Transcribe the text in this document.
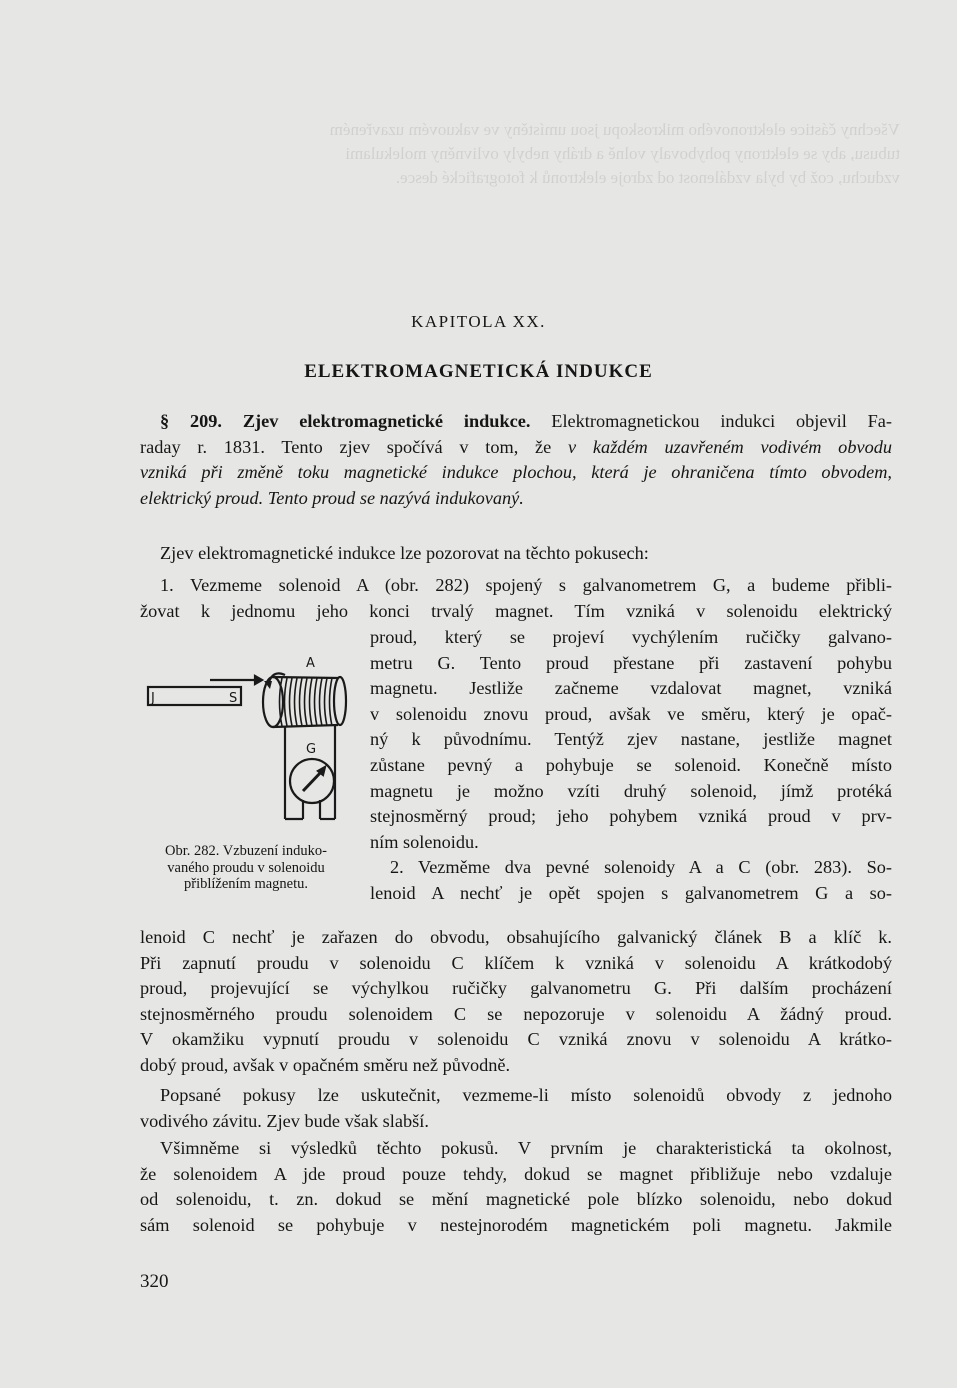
Všechny částice elektronového mikroskopu jsou umístěny ve vakuovém uzavřeném
tubusu, aby se elektrony pohybovaly volně a dráhy nebyly ovlivněny molekulami
vzduchu, což by byla vzdálenost od zdroje elektronů k fotografické desce.
KAPITOLA XX.
ELEKTROMAGNETICKÁ INDUKCE
§ 209. Zjev elektromagnetické indukce. Elektromagnetickou indukci objevil Fa-
raday r. 1831. Tento zjev spočívá v tom, že v každém uzavřeném vodivém obvodu
vzniká při změně toku magnetické indukce plochou, která je ohraničena tímto obvodem,
elektrický proud. Tento proud se nazývá indukovaný.
Zjev elektromagnetické indukce lze pozorovat na těchto pokusech:
1. Vezmeme solenoid A (obr. 282) spojený s galvanometrem G, a budeme přibli-
žovat k jednomu jeho konci trvalý magnet. Tím vzniká v solenoidu elektrický
proud, který se projeví vychýlením ručičky galvano-
metru G. Tento proud přestane při zastavení pohybu
magnetu. Jestliže začneme vzdalovat magnet, vzniká
v solenoidu znovu proud, avšak ve směru, který je opač-
ný k původnímu. Tentýž zjev nastane, jestliže magnet
zůstane pevný a pohybuje se solenoid. Konečně místo
magnetu je možno vzíti druhý solenoid, jímž protéká
stejnosměrný proud; jeho pohybem vzniká proud v prv-
ním solenoidu.
2. Vezměme dva pevné solenoidy A a C (obr. 283). So-
lenoid A nechť je opět spojen s galvanometrem G a so-
lenoid C nechť je zařazen do obvodu, obsahujícího galvanický článek B a klíč k.
Při zapnutí proudu v solenoidu C klíčem k vzniká v solenoidu A krátkodobý
proud, projevující se výchylkou ručičky galvanometru G. Při dalším procházení
stejnosměrného proudu solenoidem C se nepozoruje v solenoidu A žádný proud.
V okamžiku vypnutí proudu v solenoidu C vzniká znovu v solenoidu A krátko-
dobý proud, avšak v opačném směru než původně.
Popsané pokusy lze uskutečnit, vezmeme-li místo solenoidů obvody z jednoho
vodivého závitu. Zjev bude však slabší.
Všimněme si výsledků těchto pokusů. V prvním je charakteristická ta okolnost,
že solenoidem A jde proud pouze tehdy, dokud se magnet přibližuje nebo vzdaluje
od solenoidu, t. zn. dokud se mění magnetické pole blízko solenoidu, nebo dokud
sám solenoid se pohybuje v nestejnorodém magnetickém poli magnetu. Jakmile
J	S
A
G
Obr. 282. Vzbuzení induko-
vaného proudu v solenoidu
přiblížením magnetu.
320
